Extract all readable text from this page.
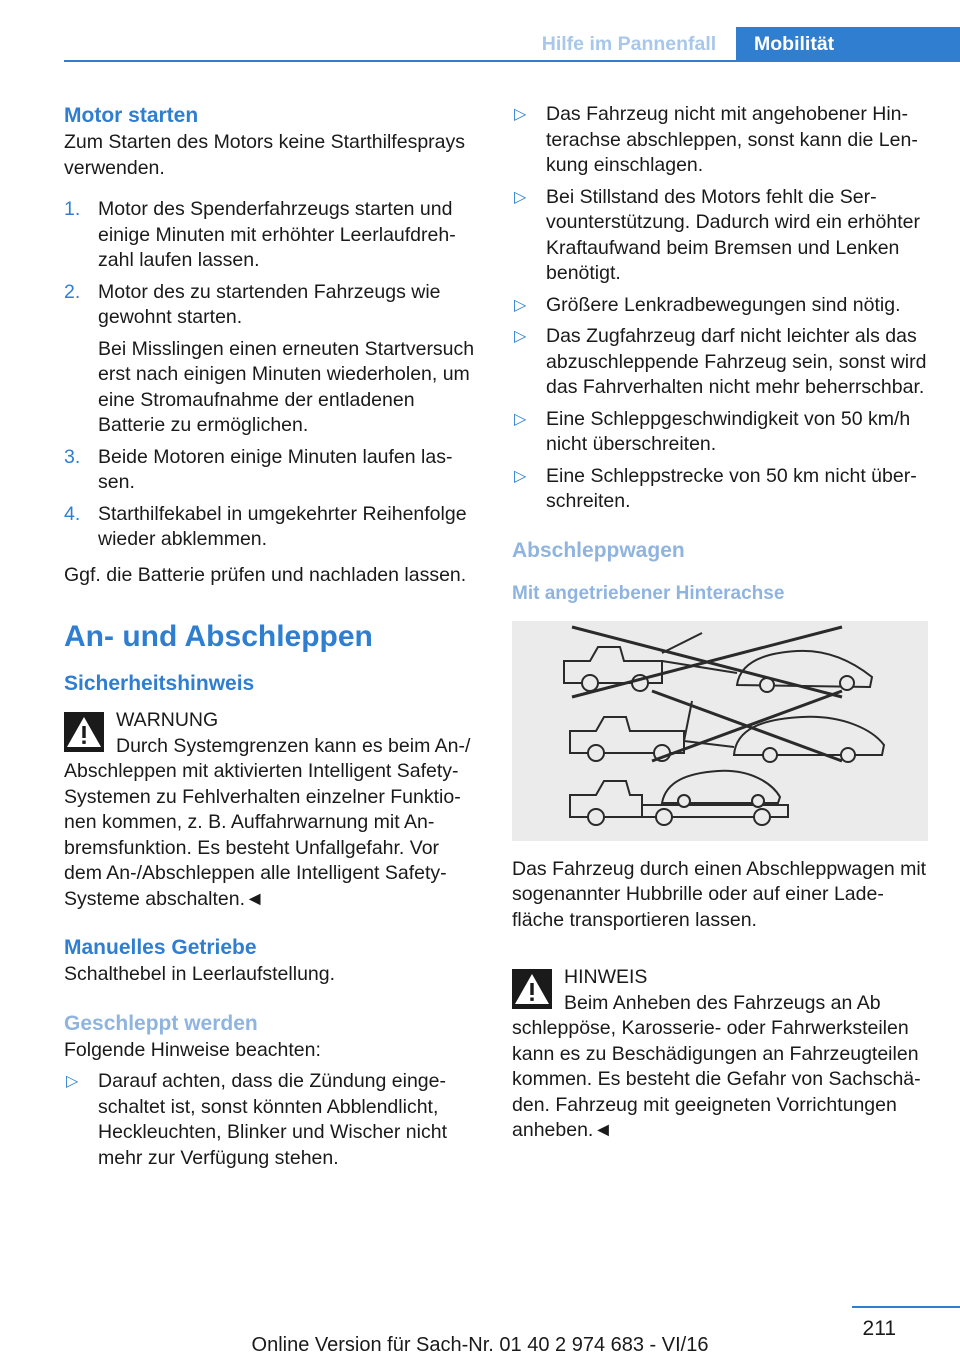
Hilfe im Pannenfall	Mobilität
Motor starten

Zum Starten des Motors keine Starthilfesprays verwenden.

1. Motor des Spenderfahrzeugs starten und einige Minuten mit erhöhter Leerlaufdrehzahl laufen lassen.
2. Motor des zu startenden Fahrzeugs wie gewohnt starten.

Bei Misslingen einen erneuten Startversuch erst nach einigen Minuten wiederholen, um eine Stromaufnahme der entladenen Batterie zu ermöglichen.

3. Beide Motoren einige Minuten laufen lassen.
4. Starthilfekabel in umgekehrter Reihenfolge wieder abklemmen.

Ggf. die Batterie prüfen und nachladen lassen.

An- und Abschleppen
Sicherheitshinweis

WARNUNG

Durch Systemgrenzen kann es beim An-/

Abschleppen mit aktivierten Intelligent Safety-Systemen zu Fehlverhalten einzelner Funktionen kommen, z. B. Auffahrwarnung mit Anbremsfunktion. Es besteht Unfallgefahr. Vor dem An-/Abschleppen alle Intelligent Safety-Systeme abschalten.◄

Manuelles Getriebe

Schalthebel in Leerlaufstellung.

Geschleppt werden

Folgende Hinweise beachten:

▷ Darauf achten, dass die Zündung eingeschaltet ist, sonst könnten Abblendlicht, Heckleuchten, Blinker und Wischer nicht mehr zur Verfügung stehen.
▷ Das Fahrzeug nicht mit angehobener Hinterachse abschleppen, sonst kann die Lenkung einschlagen.
▷ Bei Stillstand des Motors fehlt die Servounterstützung. Dadurch wird ein erhöhter Kraftaufwand beim Bremsen und Lenken benötigt.
▷ Größere Lenkradbewegungen sind nötig.
▷ Das Zugfahrzeug darf nicht leichter als das abzuschleppende Fahrzeug sein, sonst wird das Fahrverhalten nicht mehr beherrschbar.
▷ Eine Schleppgeschwindigkeit von 50 km/h nicht überschreiten.
▷ Eine Schleppstrecke von 50 km nicht überschreiten.
Abschleppwagen
Mit angetriebener Hinterachse

Das Fahrzeug durch einen Abschleppwagen mit sogenannter Hubbrille oder auf einer Ladefläche transportieren lassen.

HINWEIS

Beim Anheben des Fahrzeugs an Ab

schleppöse, Karosserie- oder Fahrwerksteilen kann es zu Beschädigungen an Fahrzeugteilen kommen. Es besteht die Gefahr von Sachschäden. Fahrzeug mit geeigneten Vorrichtungen anheben.◄

211
Online Version für Sach-Nr. 01 40 2 974 683 - VI/16
